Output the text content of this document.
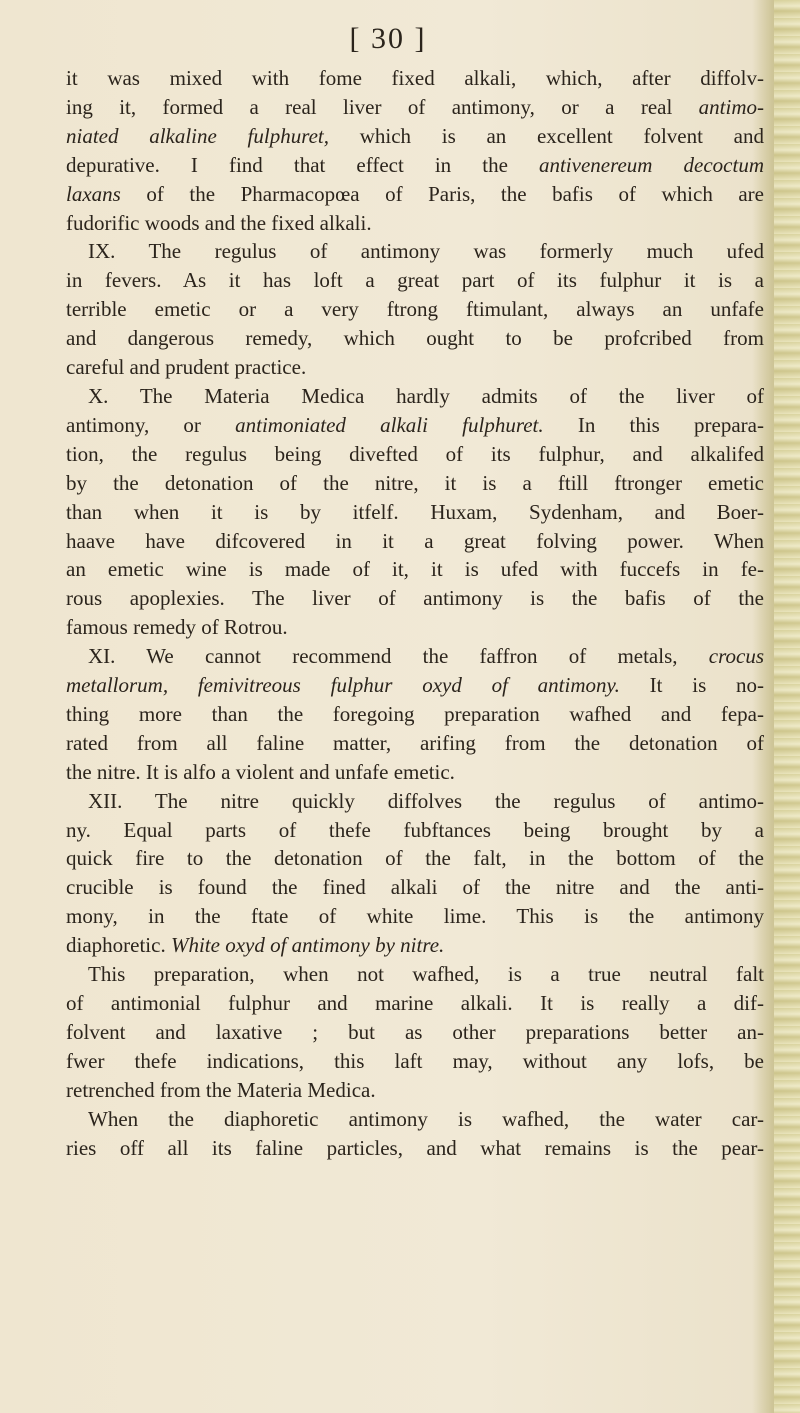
[ 30 ]
it was mixed with fome fixed alkali, which, after diffolv-
ing it, formed a real liver of antimony, or a real antimo-
niated alkaline fulphuret, which is an excellent folvent and
depurative. I find that effect in the antivenereum decoctum
laxans of the Pharmacopœa of Paris, the bafis of which are
fudorific woods and the fixed alkali.
IX. The regulus of antimony was formerly much ufed
in fevers. As it has loft a great part of its fulphur it is a
terrible emetic or a very ftrong ftimulant, always an unfafe
and dangerous remedy, which ought to be profcribed from
careful and prudent practice.
X. The Materia Medica hardly admits of the liver of
antimony, or antimoniated alkali fulphuret. In this prepara-
tion, the regulus being divefted of its fulphur, and alkalifed
by the detonation of the nitre, it is a ftill ftronger emetic
than when it is by itfelf. Huxam, Sydenham, and Boer-
haave have difcovered in it a great folving power. When
an emetic wine is made of it, it is ufed with fuccefs in fe-
rous apoplexies. The liver of antimony is the bafis of the
famous remedy of Rotrou.
XI. We cannot recommend the faffron of metals, crocus
metallorum, femivitreous fulphur oxyd of antimony. It is no-
thing more than the foregoing preparation wafhed and fepa-
rated from all faline matter, arifing from the detonation of
the nitre. It is alfo a violent and unfafe emetic.
XII. The nitre quickly diffolves the regulus of antimo-
ny. Equal parts of thefe fubftances being brought by a
quick fire to the detonation of the falt, in the bottom of the
crucible is found the fined alkali of the nitre and the anti-
mony, in the ftate of white lime. This is the antimony
diaphoretic. White oxyd of antimony by nitre.
This preparation, when not wafhed, is a true neutral falt
of antimonial fulphur and marine alkali. It is really a dif-
folvent and laxative ; but as other preparations better an-
fwer thefe indications, this laft may, without any lofs, be
retrenched from the Materia Medica.
When the diaphoretic antimony is wafhed, the water car-
ries off all its faline particles, and what remains is the pear-
